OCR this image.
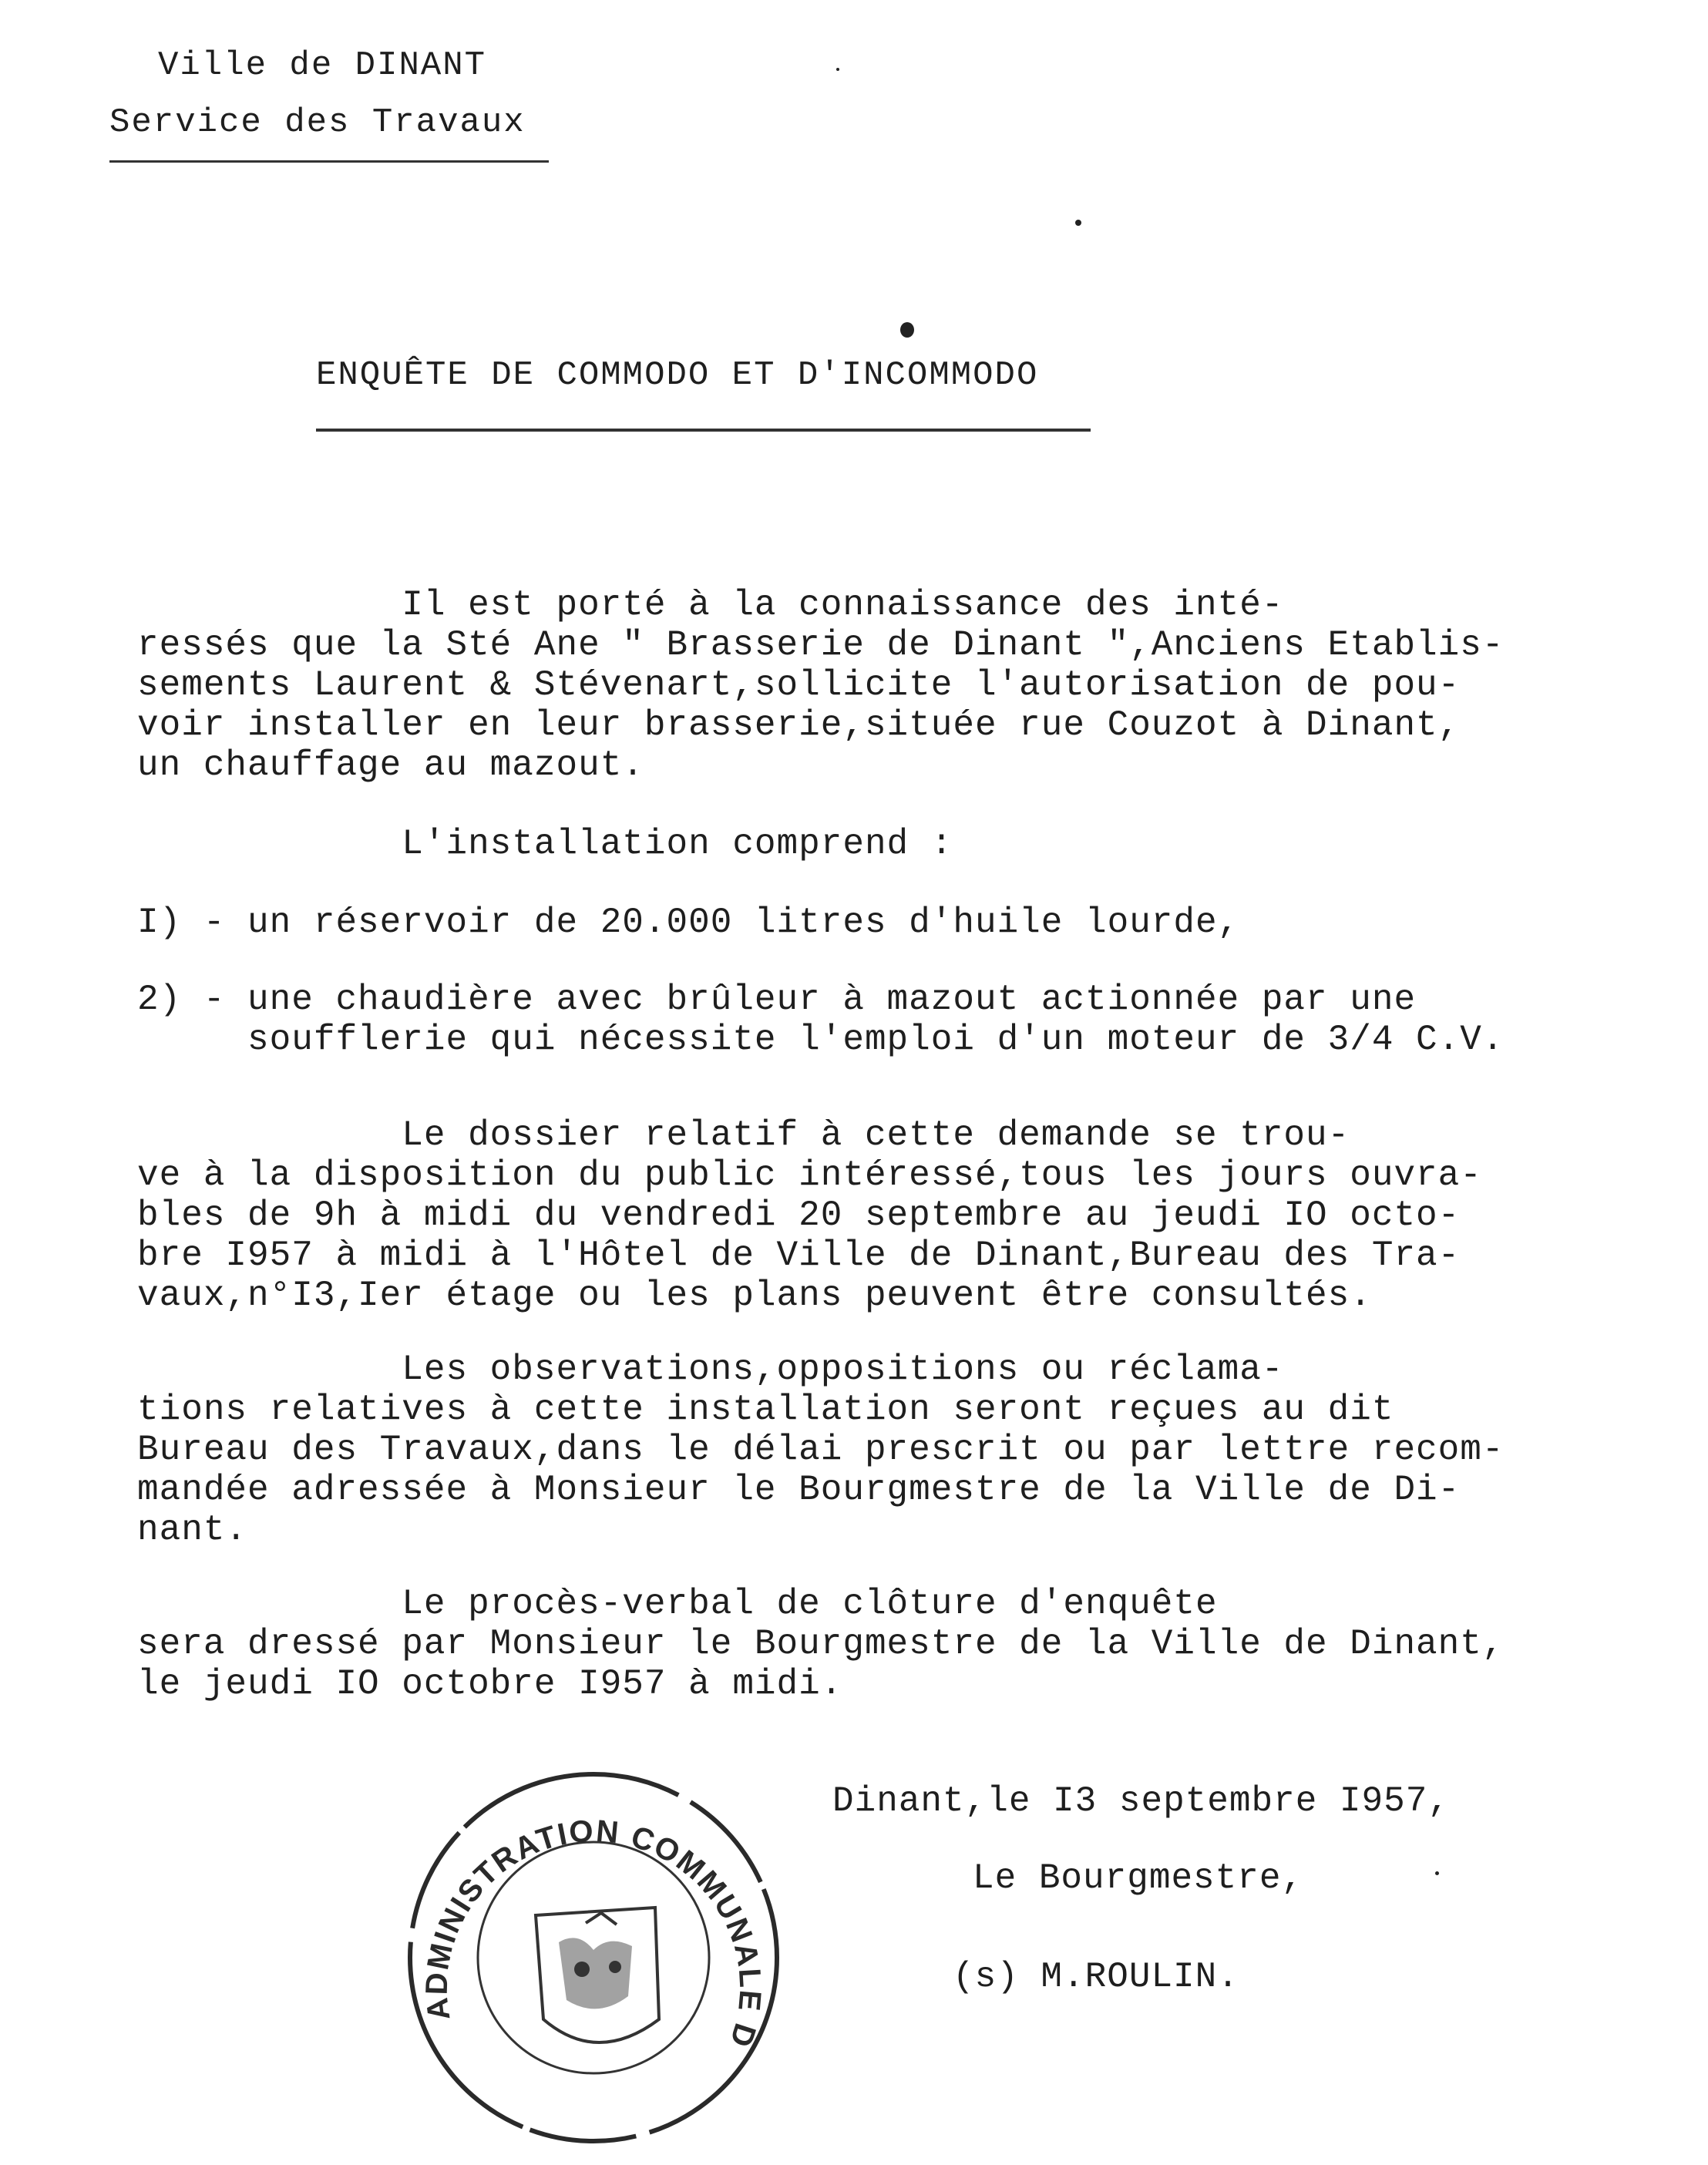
Ville de DINANT
Service des Travaux
ENQUÊTE DE COMMODO ET D'INCOMMODO
Il est porté à la connaissance des inté-
ressés que la Sté Ane " Brasserie de Dinant ",Anciens Etablis-
sements Laurent & Stévenart,sollicite l'autorisation de pou-
voir installer en leur brasserie,située rue Couzot à Dinant,
un chauffage au mazout.
L'installation comprend :
I) - un réservoir de 20.000 litres d'huile lourde,
2) - une chaudière avec brûleur à mazout actionnée par une
soufflerie qui nécessite l'emploi d'un moteur de 3/4 C.V.
Le dossier relatif à cette demande se trou-
ve à la disposition du public intéressé,tous les jours ouvra-
bles de 9h à midi du vendredi 20 septembre au jeudi IO octo-
bre I957 à midi à l'Hôtel de Ville de Dinant,Bureau des Tra-
vaux,n°I3,Ier étage ou les plans peuvent être consultés.
Les observations,oppositions ou réclama-
tions relatives à cette installation seront reçues au dit
Bureau des Travaux,dans le délai prescrit ou par lettre recom-
mandée adressée à Monsieur le Bourgmestre de la Ville de Di-
nant.
Le procès-verbal de clôture d'enquête
sera dressé par Monsieur le Bourgmestre de la Ville de Dinant,
le jeudi IO octobre I957 à midi.
Dinant,le I3 septembre I957,
Le Bourgmestre,
(s) M.ROULIN.
ADMINISTRATION COMMUNALE D
